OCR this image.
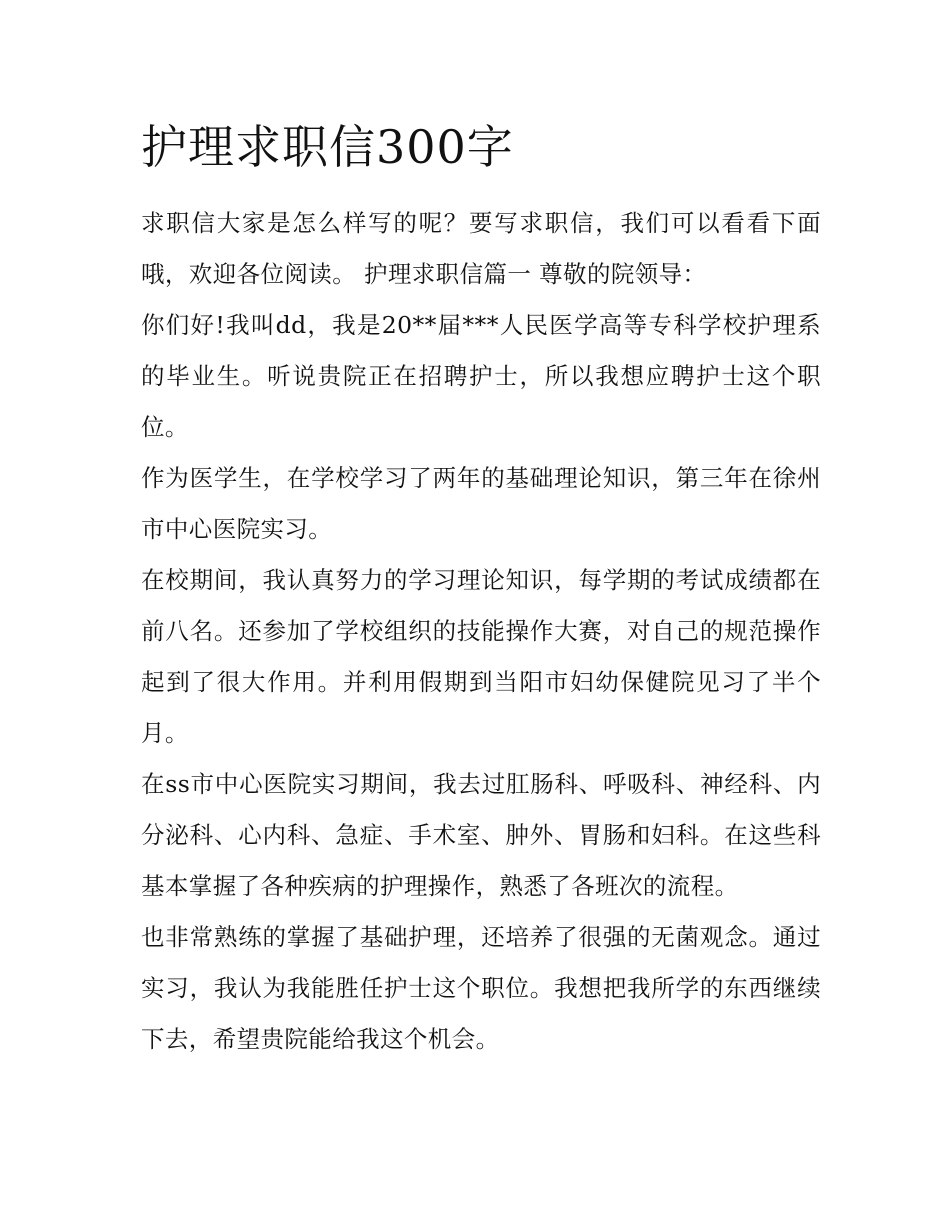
护理求职信300字

求职信大家是怎么样写的呢？要写求职信，我们可以看看下面哦，欢迎各位阅读。 护理求职信篇一 尊敬的院领导：

你们好!我叫dd，我是20**届***人民医学高等专科学校护理系的毕业生。听说贵院正在招聘护士，所以我想应聘护士这个职位。

作为医学生，在学校学习了两年的基础理论知识，第三年在徐州市中心医院实习。

在校期间，我认真努力的学习理论知识，每学期的考试成绩都在前八名。还参加了学校组织的技能操作大赛，对自己的规范操作起到了很大作用。并利用假期到当阳市妇幼保健院见习了半个月。

在ss市中心医院实习期间，我去过肛肠科、呼吸科、神经科、内分泌科、心内科、急症、手术室、肿外、胃肠和妇科。在这些科基本掌握了各种疾病的护理操作，熟悉了各班次的流程。

也非常熟练的掌握了基础护理，还培养了很强的无菌观念。通过实习，我认为我能胜任护士这个职位。我想把我所学的东西继续下去，希望贵院能给我这个机会。
